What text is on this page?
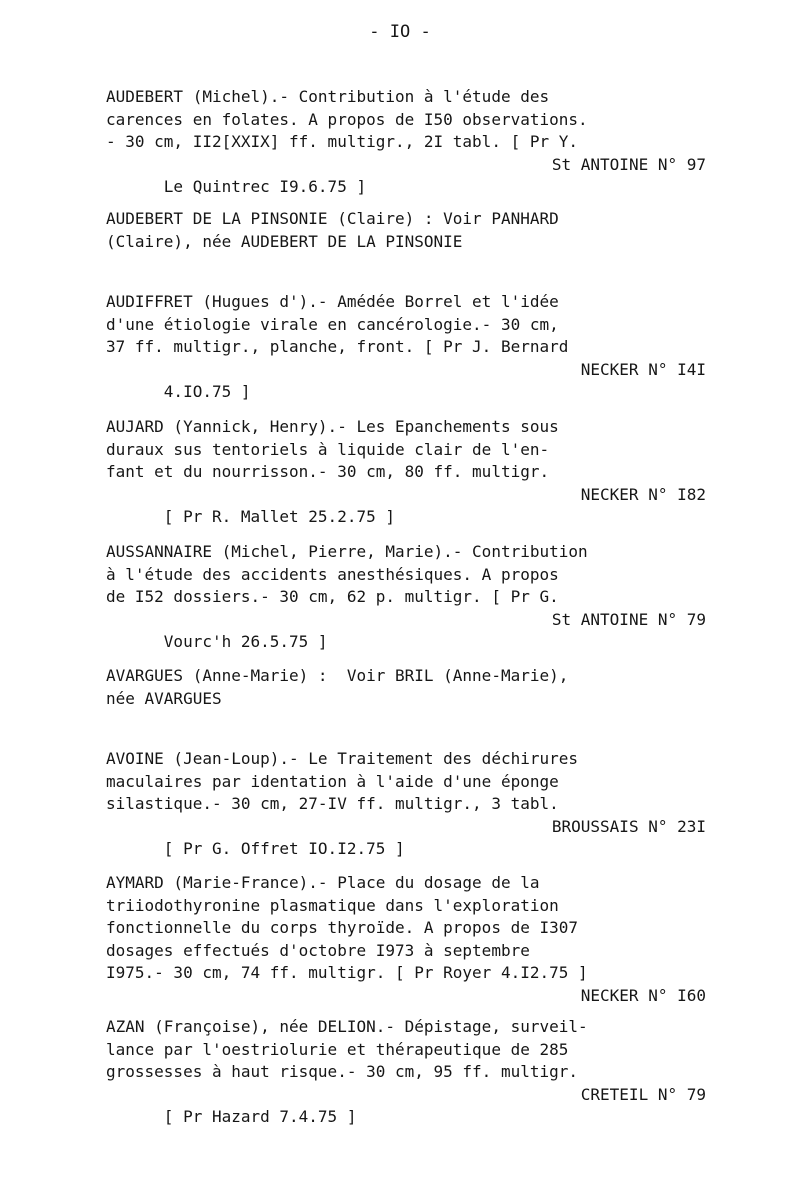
- IO -
AUDEBERT (Michel).- Contribution à l'étude des
carences en folates. A propos de I50 observations.
- 30 cm, II2[XXIX] ff. multigr., 2I tabl. [ Pr Y.

Le Quintrec I9.6.75 ]

St ANTOINE N° 97

AUDEBERT DE LA PINSONIE (Claire) : Voir PANHARD
(Claire), née AUDEBERT DE LA PINSONIE
AUDIFFRET (Hugues d').- Amédée Borrel et l'idée
d'une étiologie virale en cancérologie.- 30 cm,
37 ff. multigr., planche, front. [ Pr J. Bernard

4.IO.75 ]

NECKER N° I4I

AUJARD (Yannick, Henry).- Les Epanchements sous
duraux sus tentoriels à liquide clair de l'en-
fant et du nourrisson.- 30 cm, 80 ff. multigr.

[ Pr R. Mallet 25.2.75 ]

NECKER N° I82

AUSSANNAIRE (Michel, Pierre, Marie).- Contribution
à l'étude des accidents anesthésiques. A propos
de I52 dossiers.- 30 cm, 62 p. multigr. [ Pr G.

Vourc'h 26.5.75 ]

St ANTOINE N° 79

AVARGUES (Anne-Marie) :  Voir BRIL (Anne-Marie),
née AVARGUES
AVOINE (Jean-Loup).- Le Traitement des déchirures
maculaires par identation à l'aide d'une éponge
silastique.- 30 cm, 27-IV ff. multigr., 3 tabl.

[ Pr G. Offret IO.I2.75 ]

BROUSSAIS N° 23I

AYMARD (Marie-France).- Place du dosage de la
triiodothyronine plasmatique dans l'exploration
fonctionnelle du corps thyroïde. A propos de I307
dosages effectués d'octobre I973 à septembre
I975.- 30 cm, 74 ff. multigr. [ Pr Royer 4.I2.75 ]
NECKER N° I60
AZAN (Françoise), née DELION.- Dépistage, surveil-
lance par l'oestriolurie et thérapeutique de 285
grossesses à haut risque.- 30 cm, 95 ff. multigr.

[ Pr Hazard 7.4.75 ]

CRETEIL N° 79
